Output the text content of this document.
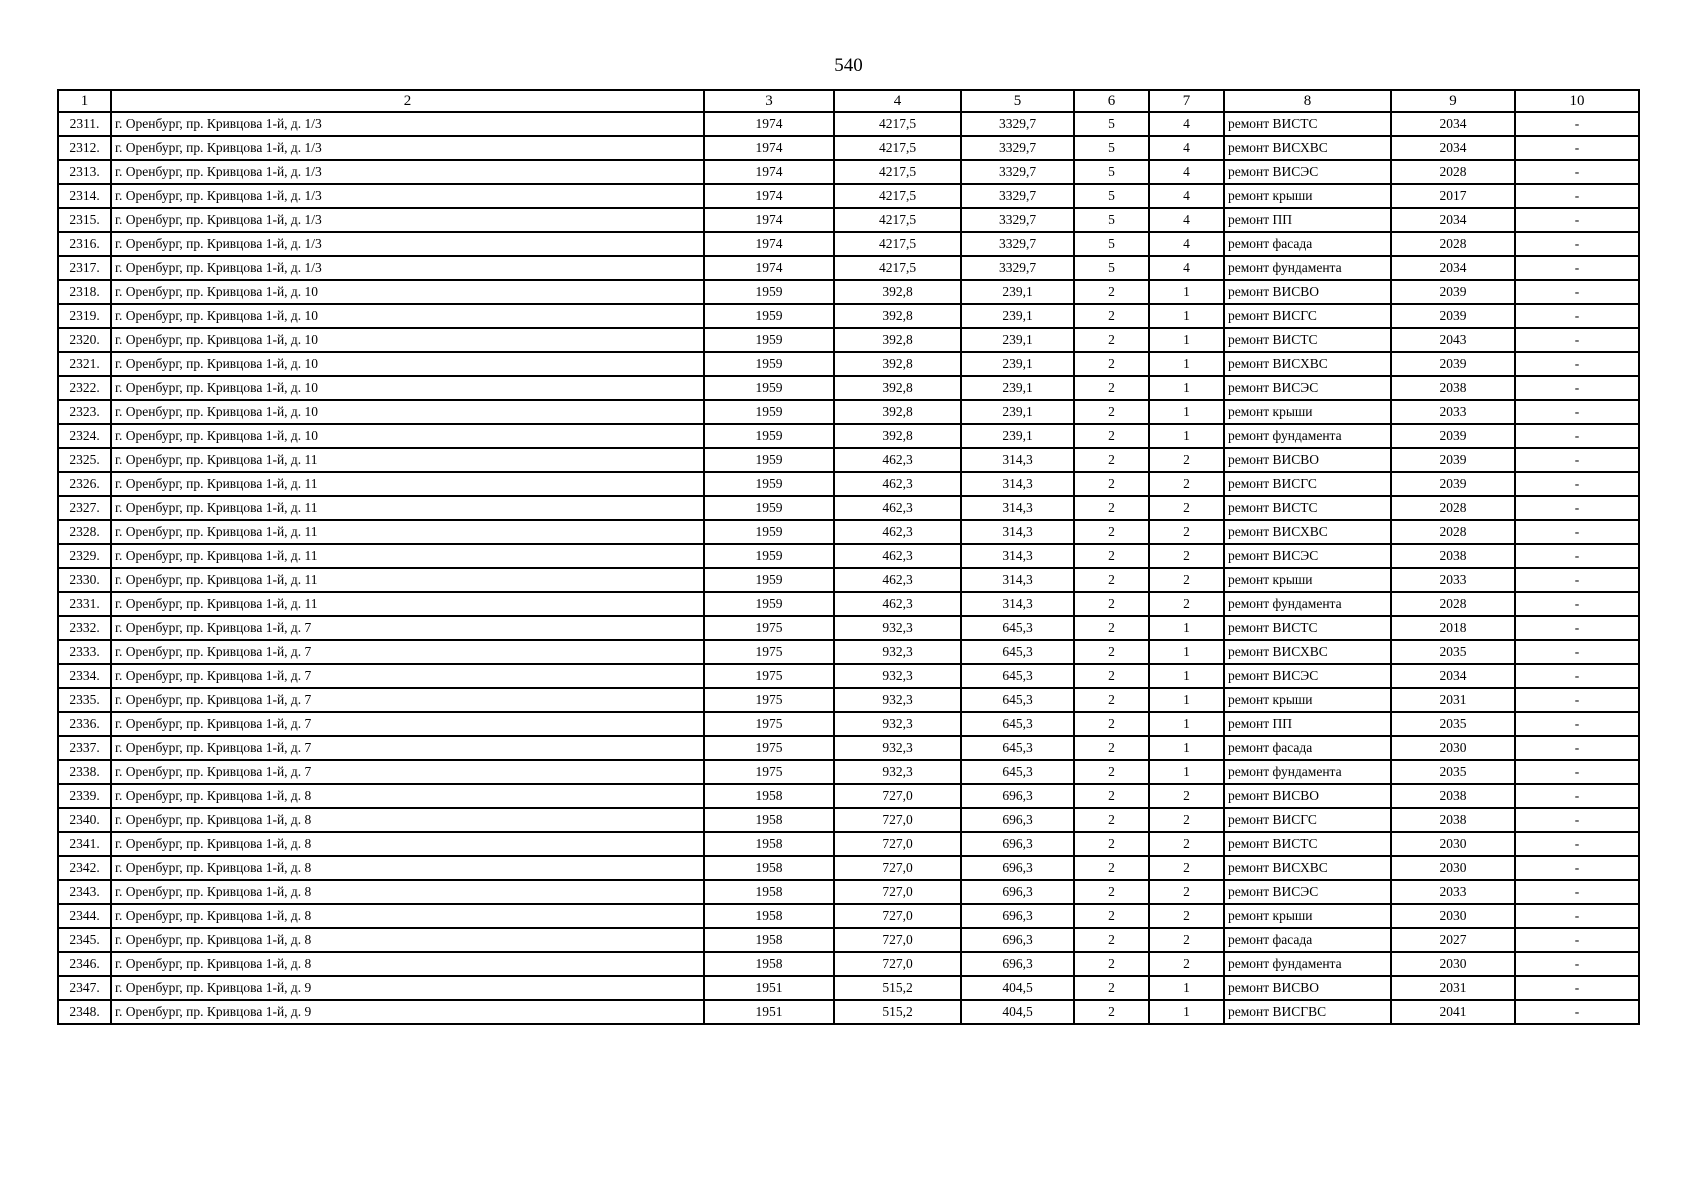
540
1	2	3	4	5	6	7	8	9	10
2311.	г. Оренбург, пр. Кривцова 1-й, д. 1/3	1974	4217,5	3329,7	5	4	ремонт ВИСТС	2034	-
2312.	г. Оренбург, пр. Кривцова 1-й, д. 1/3	1974	4217,5	3329,7	5	4	ремонт ВИСХВС	2034	-
2313.	г. Оренбург, пр. Кривцова 1-й, д. 1/3	1974	4217,5	3329,7	5	4	ремонт ВИСЭС	2028	-
2314.	г. Оренбург, пр. Кривцова 1-й, д. 1/3	1974	4217,5	3329,7	5	4	ремонт крыши	2017	-
2315.	г. Оренбург, пр. Кривцова 1-й, д. 1/3	1974	4217,5	3329,7	5	4	ремонт ПП	2034	-
2316.	г. Оренбург, пр. Кривцова 1-й, д. 1/3	1974	4217,5	3329,7	5	4	ремонт фасада	2028	-
2317.	г. Оренбург, пр. Кривцова 1-й, д. 1/3	1974	4217,5	3329,7	5	4	ремонт фундамента	2034	-
2318.	г. Оренбург, пр. Кривцова 1-й, д. 10	1959	392,8	239,1	2	1	ремонт ВИСВО	2039	-
2319.	г. Оренбург, пр. Кривцова 1-й, д. 10	1959	392,8	239,1	2	1	ремонт ВИСГС	2039	-
2320.	г. Оренбург, пр. Кривцова 1-й, д. 10	1959	392,8	239,1	2	1	ремонт ВИСТС	2043	-
2321.	г. Оренбург, пр. Кривцова 1-й, д. 10	1959	392,8	239,1	2	1	ремонт ВИСХВС	2039	-
2322.	г. Оренбург, пр. Кривцова 1-й, д. 10	1959	392,8	239,1	2	1	ремонт ВИСЭС	2038	-
2323.	г. Оренбург, пр. Кривцова 1-й, д. 10	1959	392,8	239,1	2	1	ремонт крыши	2033	-
2324.	г. Оренбург, пр. Кривцова 1-й, д. 10	1959	392,8	239,1	2	1	ремонт фундамента	2039	-
2325.	г. Оренбург, пр. Кривцова 1-й, д. 11	1959	462,3	314,3	2	2	ремонт ВИСВО	2039	-
2326.	г. Оренбург, пр. Кривцова 1-й, д. 11	1959	462,3	314,3	2	2	ремонт ВИСГС	2039	-
2327.	г. Оренбург, пр. Кривцова 1-й, д. 11	1959	462,3	314,3	2	2	ремонт ВИСТС	2028	-
2328.	г. Оренбург, пр. Кривцова 1-й, д. 11	1959	462,3	314,3	2	2	ремонт ВИСХВС	2028	-
2329.	г. Оренбург, пр. Кривцова 1-й, д. 11	1959	462,3	314,3	2	2	ремонт ВИСЭС	2038	-
2330.	г. Оренбург, пр. Кривцова 1-й, д. 11	1959	462,3	314,3	2	2	ремонт крыши	2033	-
2331.	г. Оренбург, пр. Кривцова 1-й, д. 11	1959	462,3	314,3	2	2	ремонт фундамента	2028	-
2332.	г. Оренбург, пр. Кривцова 1-й, д. 7	1975	932,3	645,3	2	1	ремонт ВИСТС	2018	-
2333.	г. Оренбург, пр. Кривцова 1-й, д. 7	1975	932,3	645,3	2	1	ремонт ВИСХВС	2035	-
2334.	г. Оренбург, пр. Кривцова 1-й, д. 7	1975	932,3	645,3	2	1	ремонт ВИСЭС	2034	-
2335.	г. Оренбург, пр. Кривцова 1-й, д. 7	1975	932,3	645,3	2	1	ремонт крыши	2031	-
2336.	г. Оренбург, пр. Кривцова 1-й, д. 7	1975	932,3	645,3	2	1	ремонт ПП	2035	-
2337.	г. Оренбург, пр. Кривцова 1-й, д. 7	1975	932,3	645,3	2	1	ремонт фасада	2030	-
2338.	г. Оренбург, пр. Кривцова 1-й, д. 7	1975	932,3	645,3	2	1	ремонт фундамента	2035	-
2339.	г. Оренбург, пр. Кривцова 1-й, д. 8	1958	727,0	696,3	2	2	ремонт ВИСВО	2038	-
2340.	г. Оренбург, пр. Кривцова 1-й, д. 8	1958	727,0	696,3	2	2	ремонт ВИСГС	2038	-
2341.	г. Оренбург, пр. Кривцова 1-й, д. 8	1958	727,0	696,3	2	2	ремонт ВИСТС	2030	-
2342.	г. Оренбург, пр. Кривцова 1-й, д. 8	1958	727,0	696,3	2	2	ремонт ВИСХВС	2030	-
2343.	г. Оренбург, пр. Кривцова 1-й, д. 8	1958	727,0	696,3	2	2	ремонт ВИСЭС	2033	-
2344.	г. Оренбург, пр. Кривцова 1-й, д. 8	1958	727,0	696,3	2	2	ремонт крыши	2030	-
2345.	г. Оренбург, пр. Кривцова 1-й, д. 8	1958	727,0	696,3	2	2	ремонт фасада	2027	-
2346.	г. Оренбург, пр. Кривцова 1-й, д. 8	1958	727,0	696,3	2	2	ремонт фундамента	2030	-
2347.	г. Оренбург, пр. Кривцова 1-й, д. 9	1951	515,2	404,5	2	1	ремонт ВИСВО	2031	-
2348.	г. Оренбург, пр. Кривцова 1-й, д. 9	1951	515,2	404,5	2	1	ремонт ВИСГВС	2041	-
